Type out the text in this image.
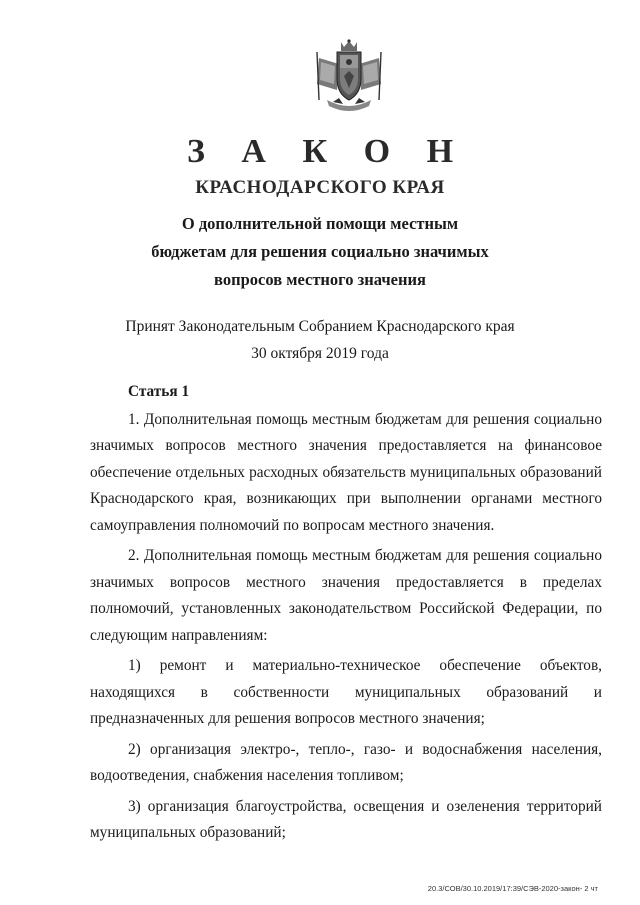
З А К О Н
КРАСНОДАРСКОГО КРАЯ
О дополнительной помощи местным
бюджетам для решения социально значимых
вопросов местного значения
Принят Законодательным Собранием Краснодарского края
30 октября 2019 года
Статья 1

1. Дополнительная помощь местным бюджетам для решения социально значимых вопросов местного значения предоставляется на финансовое обеспечение отдельных расходных обязательств муниципальных образований Краснодарского края, возникающих при выполнении органами местного самоуправления полномочий по вопросам местного значения.

2. Дополнительная помощь местным бюджетам для решения социально значимых вопросов местного значения предоставляется в пределах полномочий, установленных законодательством Российской Федерации, по следующим направлениям:

1) ремонт и материально-техническое обеспечение объектов, находящихся в собственности муниципальных образований и предназначенных для решения вопросов местного значения;

2) организация электро-, тепло-, газо- и водоснабжения населения, водоотведения, снабжения населения топливом;

3) организация благоустройства, освещения и озеленения территорий муниципальных образований;

20.3/СОВ/30.10.2019/17:39/СЭВ-2020-закон- 2 чт
